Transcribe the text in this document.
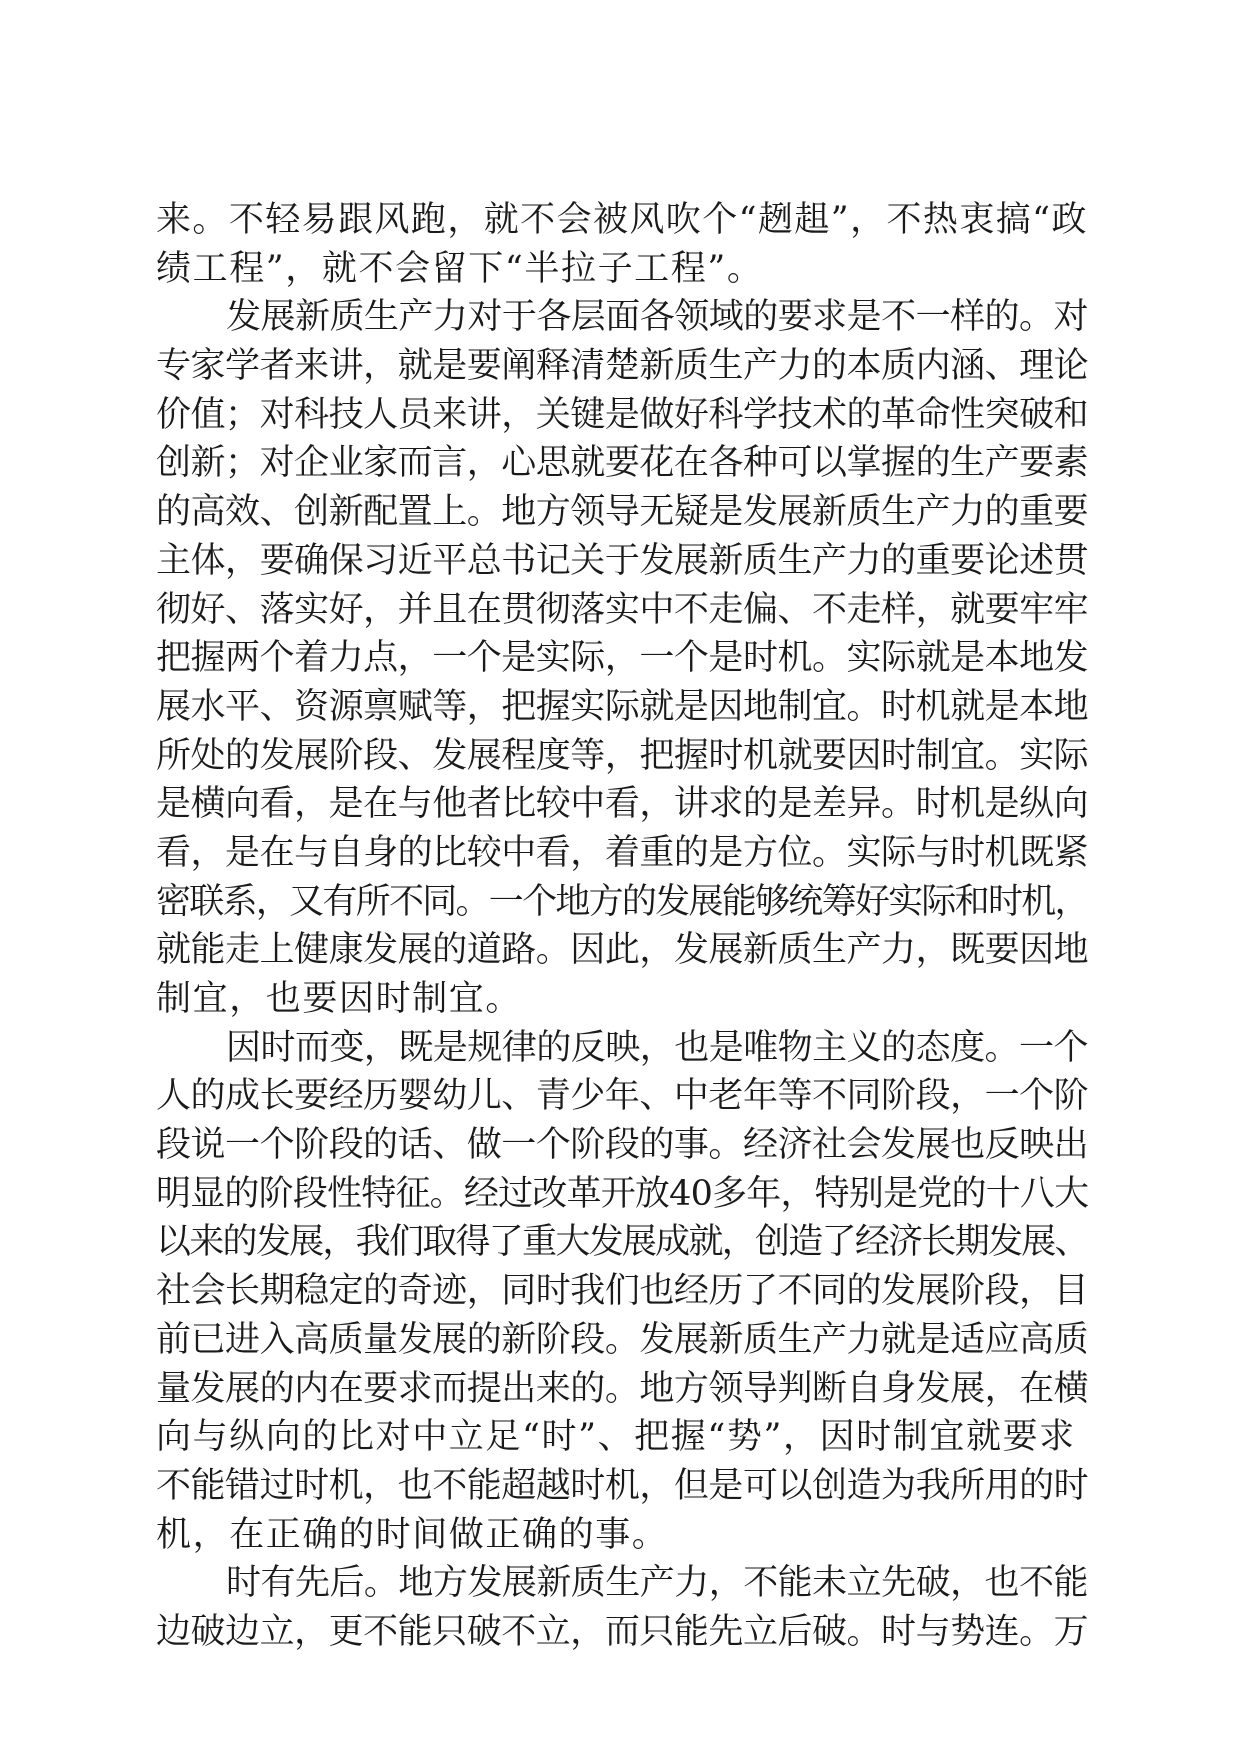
来。不轻易跟风跑，就不会被风吹个“趔趄”，不热衷搞“政
绩工程”，就不会留下“半拉子工程”。
发展新质生产力对于各层面各领域的要求是不一样的。对
专家学者来讲，就是要阐释清楚新质生产力的本质内涵、理论
价值；对科技人员来讲，关键是做好科学技术的革命性突破和
创新；对企业家而言，心思就要花在各种可以掌握的生产要素
的高效、创新配置上。地方领导无疑是发展新质生产力的重要
主体，要确保习近平总书记关于发展新质生产力的重要论述贯
彻好、落实好，并且在贯彻落实中不走偏、不走样，就要牢牢
把握两个着力点，一个是实际，一个是时机。实际就是本地发
展水平、资源禀赋等，把握实际就是因地制宜。时机就是本地
所处的发展阶段、发展程度等，把握时机就要因时制宜。实际
是横向看，是在与他者比较中看，讲求的是差异。时机是纵向
看，是在与自身的比较中看，着重的是方位。实际与时机既紧
密联系，又有所不同。一个地方的发展能够统筹好实际和时机，
就能走上健康发展的道路。因此，发展新质生产力，既要因地
制宜，也要因时制宜。
因时而变，既是规律的反映，也是唯物主义的态度。一个
人的成长要经历婴幼儿、青少年、中老年等不同阶段，一个阶
段说一个阶段的话、做一个阶段的事。经济社会发展也反映出
明显的阶段性特征。经过改革开放40多年，特别是党的十八大
以来的发展，我们取得了重大发展成就，创造了经济长期发展、
社会长期稳定的奇迹，同时我们也经历了不同的发展阶段，目
前已进入高质量发展的新阶段。发展新质生产力就是适应高质
量发展的内在要求而提出来的。地方领导判断自身发展，在横
向与纵向的比对中立足“时”、把握“势”，因时制宜就要求
不能错过时机，也不能超越时机，但是可以创造为我所用的时
机，在正确的时间做正确的事。
时有先后。地方发展新质生产力，不能未立先破，也不能
边破边立，更不能只破不立，而只能先立后破。时与势连。万
